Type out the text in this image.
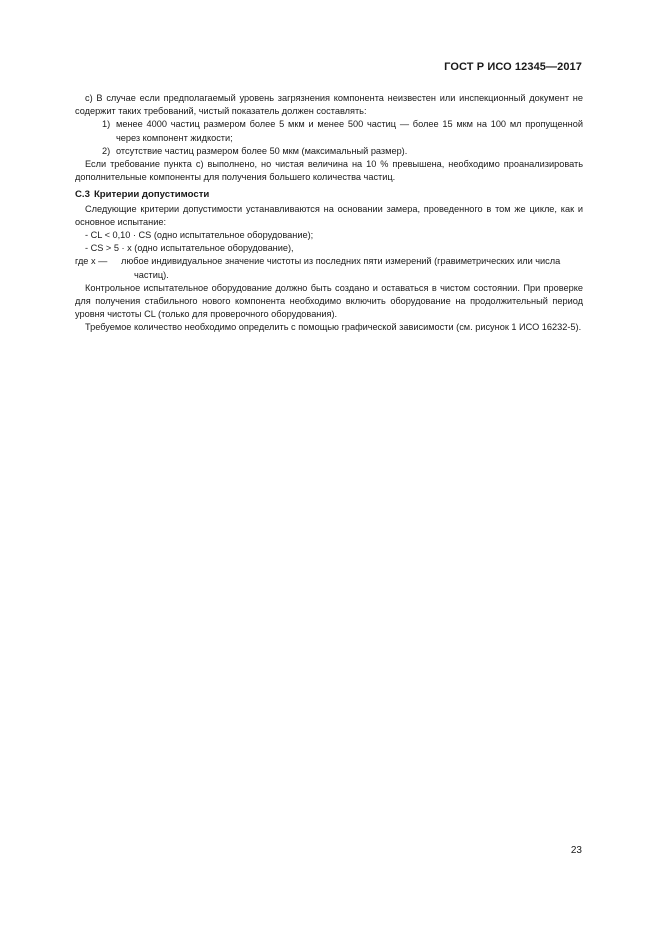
ГОСТ Р ИСО 12345—2017

c) В случае если предполагаемый уровень загрязнения компонента неизвестен или инспекционный документ не содержит таких требований, чистый показатель должен составлять:

1) менее 4000 частиц размером более 5 мкм и менее 500 частиц — более 15 мкм на 100 мл пропущенной через компонент жидкости;
2) отсутствие частиц размером более 50 мкм (максимальный размер).

Если требование пункта с) выполнено, но чистая величина на 10 % превышена, необходимо проанализировать дополнительные компоненты для получения большего количества частиц.

С.3 Критерии допустимости

Следующие критерии допустимости устанавливаются на основании замера, проведенного в том же цикле, как и основное испытание:

- CL < 0,10 · CS (одно испытательное оборудование);

- CS > 5 · x (одно испытательное оборудование),

где x —	любое индивидуальное значение чистоты из последних пяти измерений (гравиметрических или числа
частиц).

Контрольное испытательное оборудование должно быть создано и оставаться в чистом состоянии. При проверке для получения стабильного нового компонента необходимо включить оборудование на продолжительный период уровня чистоты CL (только для проверочного оборудования).

Требуемое количество необходимо определить с помощью графической зависимости (см. рисунок 1 ИСО 16232-5).

23
